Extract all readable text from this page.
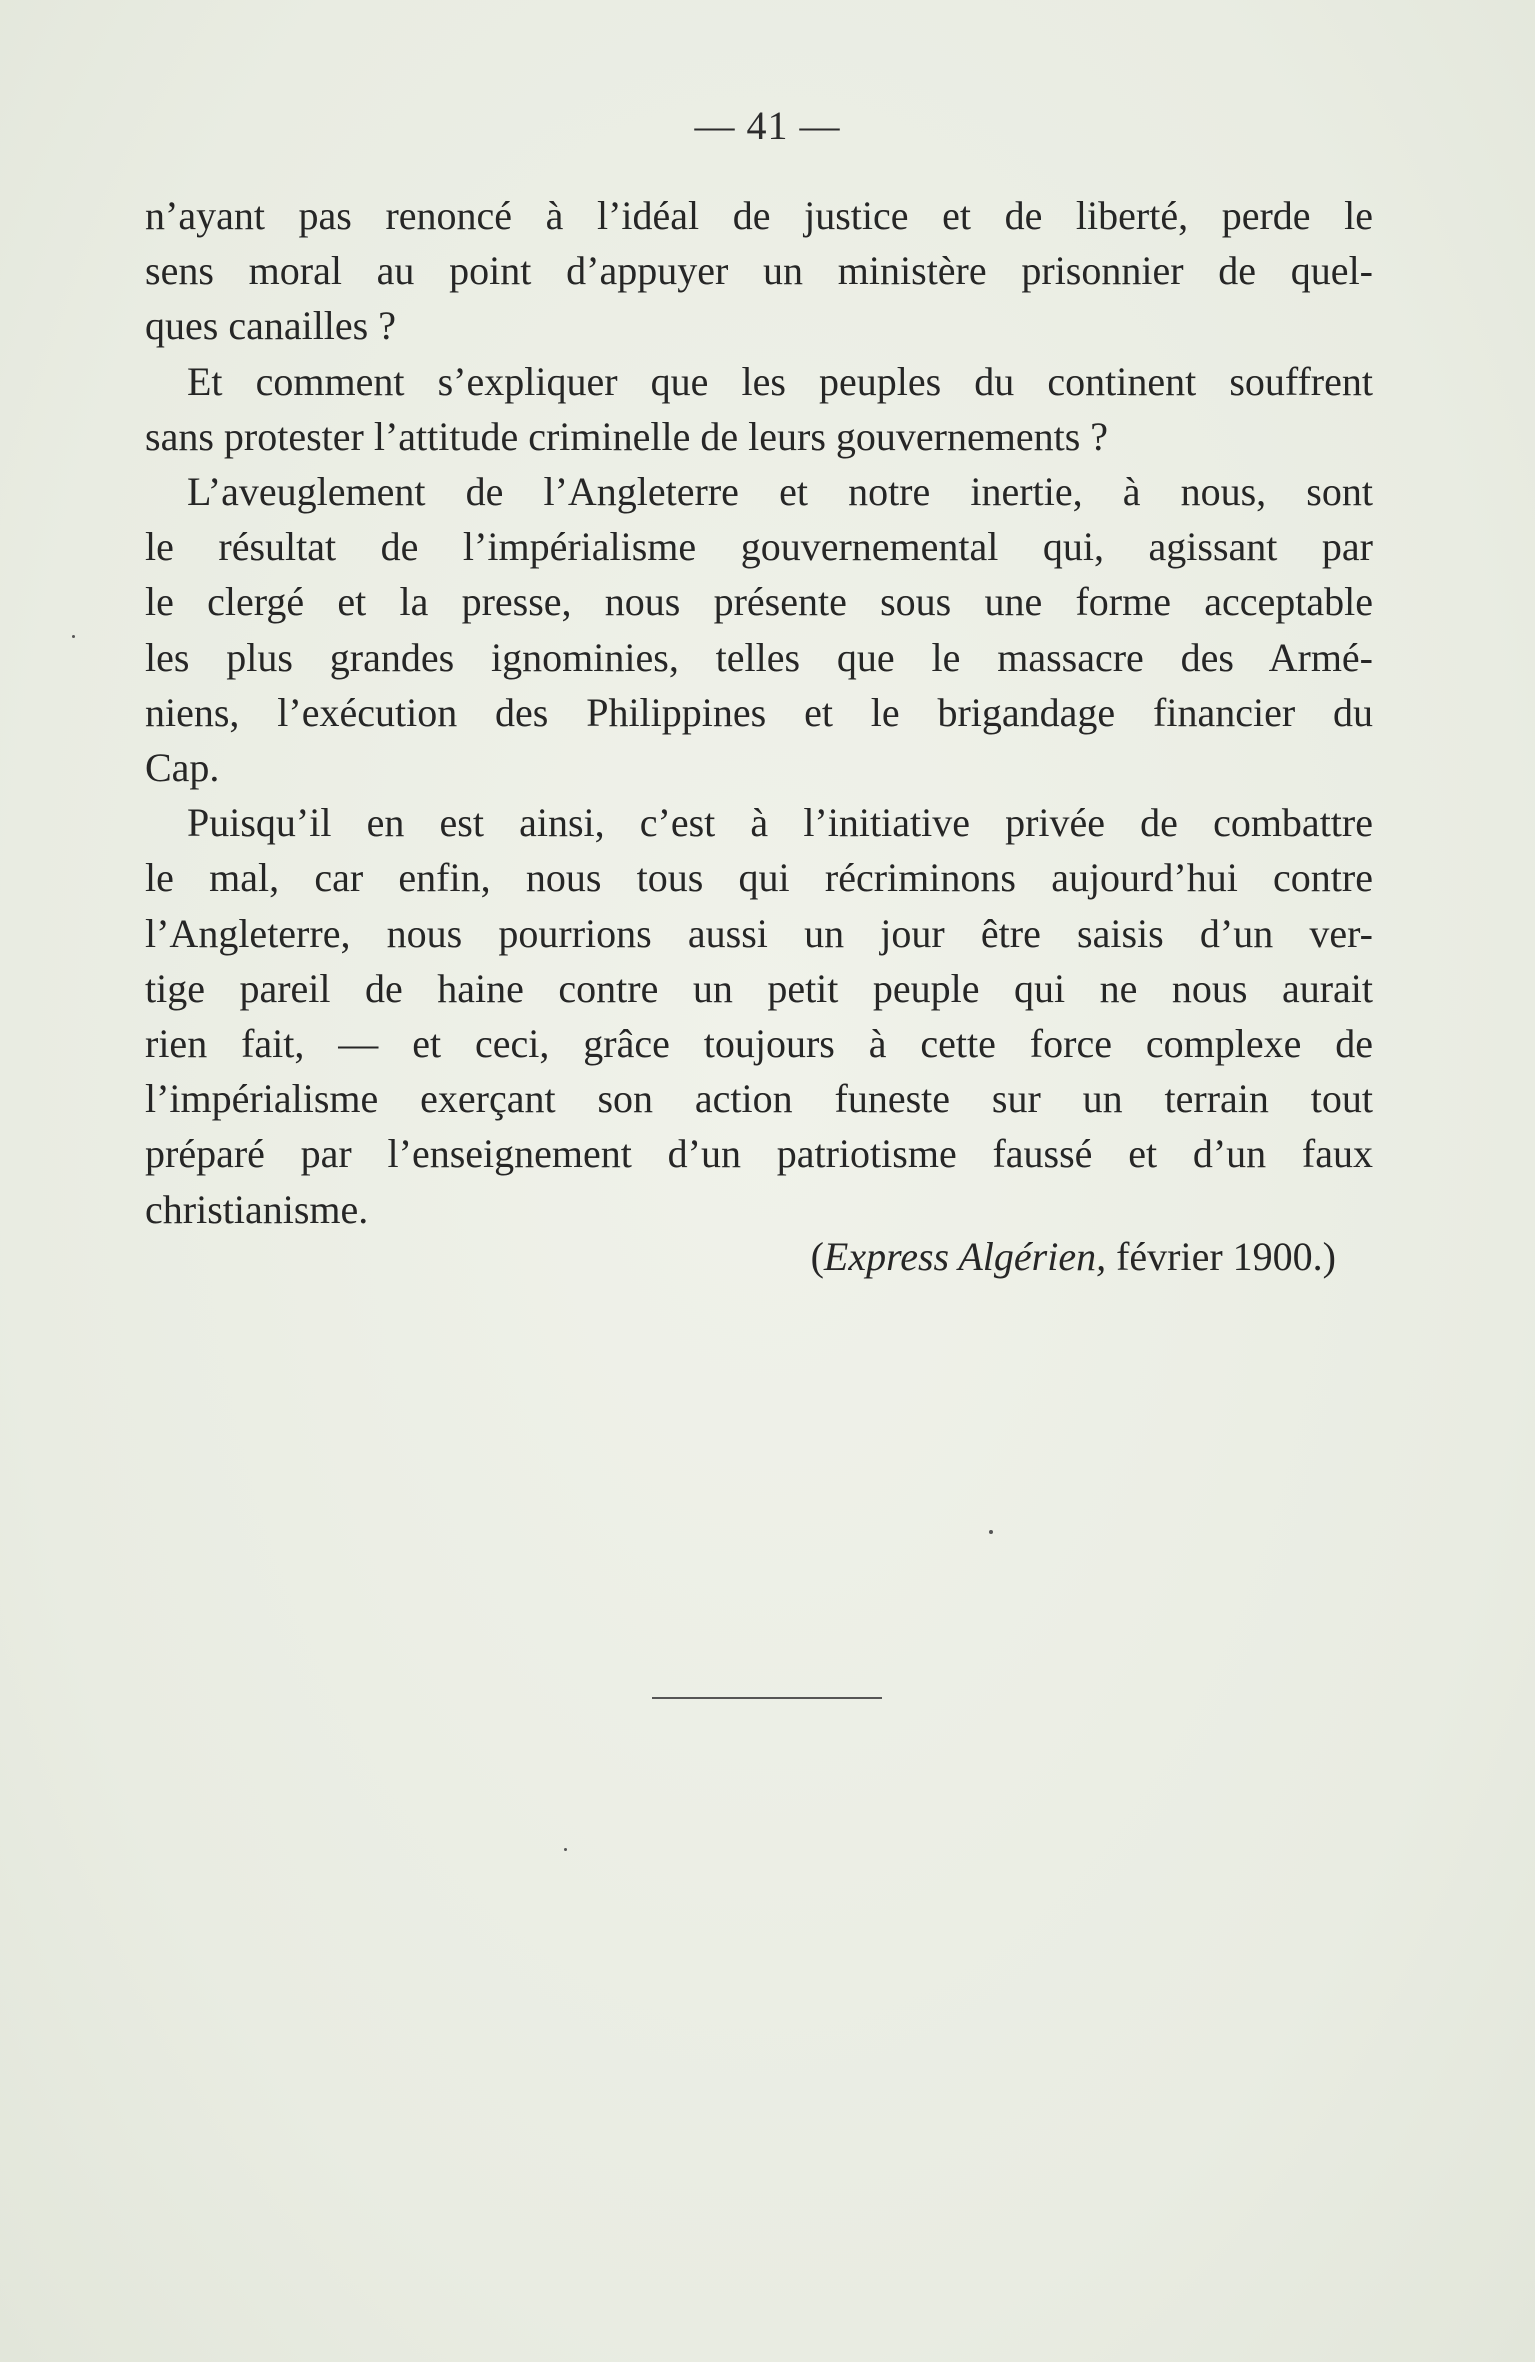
— 41 —
n’ayant pas renoncé à l’idéal de justice et de liberté, perde le
sens moral au point d’appuyer un ministère prisonnier de quel-
ques canailles ?
Et comment s’expliquer que les peuples du continent souffrent
sans protester l’attitude criminelle de leurs gouvernements ?
L’aveuglement de l’Angleterre et notre inertie, à nous, sont
le résultat de l’impérialisme gouvernemental qui, agissant par
le clergé et la presse, nous présente sous une forme acceptable
les plus grandes ignominies, telles que le massacre des Armé-
niens, l’exécution des Philippines et le brigandage financier du
Cap.
Puisqu’il en est ainsi, c’est à l’initiative privée de combattre
le mal, car enfin, nous tous qui récriminons aujourd’hui contre
l’Angleterre, nous pourrions aussi un jour être saisis d’un ver-
tige pareil de haine contre un petit peuple qui ne nous aurait
rien fait, — et ceci, grâce toujours à cette force complexe de
l’impérialisme exerçant son action funeste sur un terrain tout
préparé par l’enseignement d’un patriotisme faussé et d’un faux
christianisme.
(Express Algérien, février 1900.)
